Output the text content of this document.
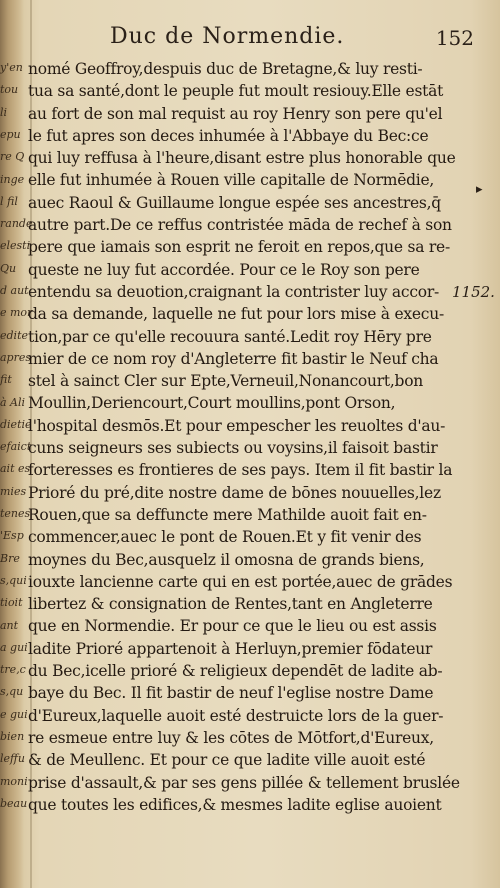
y'en
tou
li
epu
re Q
inge
l fil
rande
elesti
Qu
d aut
e mor
edite
apres
fit
à Ali
dietie
efaict
ait es
mies
tenes
'Esp
Bre
s,qui
tioit
ant
a gui
tre,c
s,qu
e gui
bien
leffu
moni
beau
Duc de Normendie.	152
nomé Geoffroy,despuis duc de Bretagne,& luy resti-
tua sa santé,dont le peuple fut moult resiouy.Elle estāt
au fort de son mal requist au roy Henry son pere qu'el
le fut apres son deces inhumée à l'Abbaye du Bec:ce
qui luy reffusa à l'heure,disant estre plus honorable que
elle fut inhumée à Rouen ville capitalle de Normēdie,
auec Raoul & Guillaume longue espée ses ancestres,q̄
autre part.De ce reffus contristée māda de rechef à son
pere que iamais son esprit ne feroit en repos,que sa re-
queste ne luy fut accordée. Pour ce le Roy son pere
entendu sa deuotion,craignant la contrister luy accor-
da sa demande, laquelle ne fut pour lors mise à execu-
tion,par ce qu'elle recouura santé.Ledit roy Hēry pre
mier de ce nom roy d'Angleterre fit bastir le Neuf cha
stel à sainct Cler sur Epte,Verneuil,Nonancourt,bon
Moullin,Deriencourt,Court moullins,pont Orson,
l'hospital desmōs.Et pour empescher les reuoltes d'au-
cuns seigneurs ses subiects ou voysins,il faisoit bastir
forteresses es frontieres de ses pays. Item il fit bastir la
Prioré du pré,dite nostre dame de bōnes nouuelles,lez
Rouen,que sa deffuncte mere Mathilde auoit fait en-
commencer,auec le pont de Rouen.Et y fit venir des
moynes du Bec,ausquelz il omosna de grands biens,
iouxte lancienne carte qui en est portée,auec de grādes
libertez & consignation de Rentes,tant en Angleterre
que en Normendie. Er pour ce que le lieu ou est assis
ladite Prioré appartenoit à Herluyn,premier fōdateur
du Bec,icelle prioré & religieux dependēt de ladite ab-
baye du Bec. Il fit bastir de neuf l'eglise nostre Dame
d'Eureux,laquelle auoit esté destruicte lors de la guer-
re esmeue entre luy & les cōtes de Mōtfort,d'Eureux,
& de Meullenc. Et pour ce que ladite ville auoit esté
prise d'assault,& par ses gens pillée & tellement bruslée
que toutes les edifices,& mesmes ladite eglise auoient
▸
1152.
